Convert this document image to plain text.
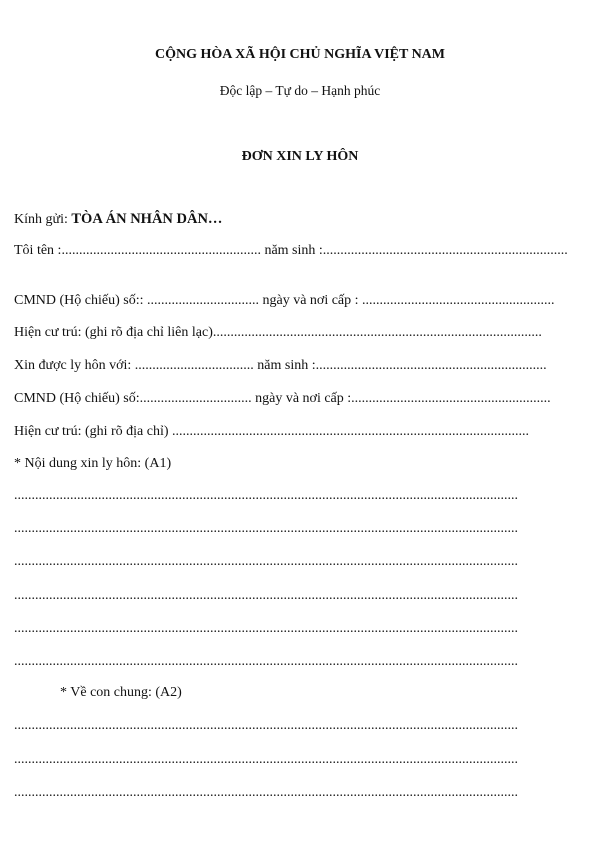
CỘNG HÒA XÃ HỘI CHỦ NGHĨA VIỆT NAM
Độc lập – Tự do – Hạnh phúc
ĐƠN XIN LY HÔN
Kính gửi: TÒA ÁN NHÂN DÂN…
Tôi tên :......................................................... năm sinh :......................................................................
CMND (Hộ chiếu) số:: ................................ ngày và nơi cấp : .......................................................
Hiện cư trú: (ghi rõ địa chỉ liên lạc)..............................................................................................
Xin được ly hôn với: .................................. năm sinh :..................................................................
CMND (Hộ chiếu) số:................................ ngày và nơi cấp :.........................................................
Hiện cư trú: (ghi rõ địa chỉ) ......................................................................................................
* Nội dung xin ly hôn: (A1)
................................................................................................................................................
................................................................................................................................................
................................................................................................................................................
................................................................................................................................................
................................................................................................................................................
................................................................................................................................................
* Về con chung: (A2)
................................................................................................................................................
................................................................................................................................................
................................................................................................................................................
